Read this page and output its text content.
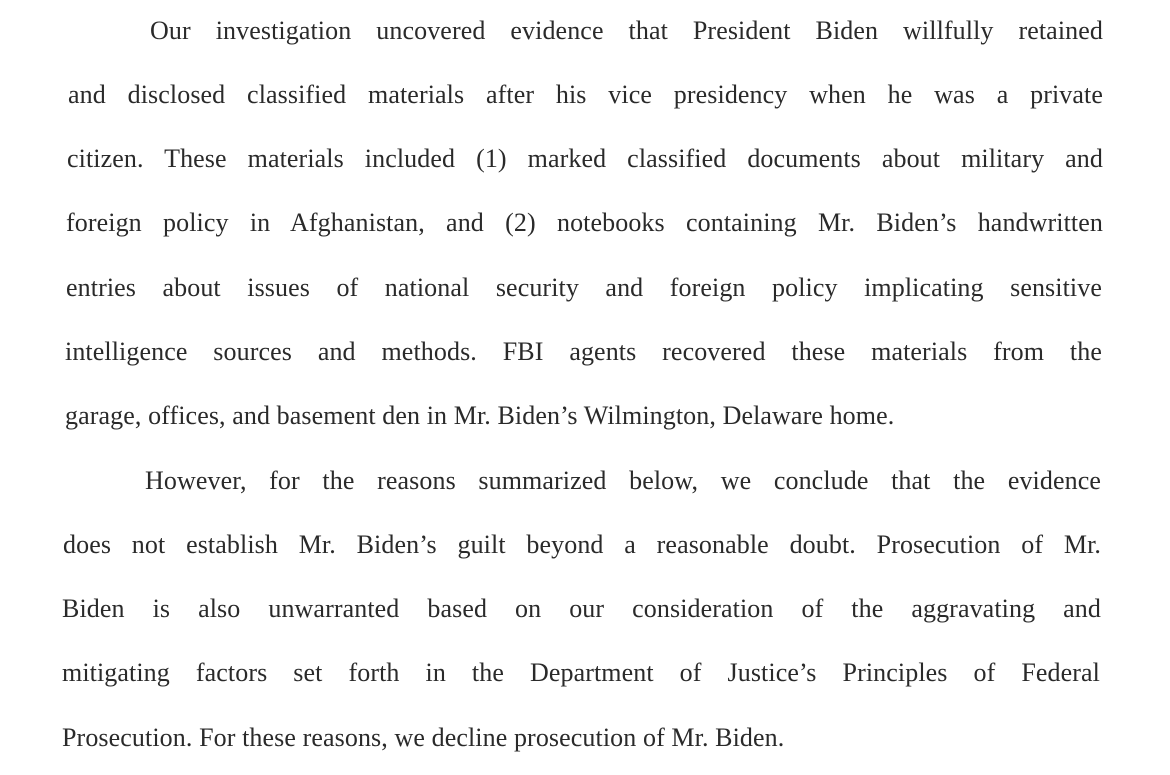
Our investigation uncovered evidence that President Biden willfully retained
and disclosed classified materials after his vice presidency when he was a private
citizen. These materials included (1) marked classified documents about military and
foreign policy in Afghanistan, and (2) notebooks containing Mr. Biden’s handwritten
entries about issues of national security and foreign policy implicating sensitive
intelligence sources and methods. FBI agents recovered these materials from the
garage, offices, and basement den in Mr. Biden’s Wilmington, Delaware home.
However, for the reasons summarized below, we conclude that the evidence
does not establish Mr. Biden’s guilt beyond a reasonable doubt. Prosecution of Mr.
Biden is also unwarranted based on our consideration of the aggravating and
mitigating factors set forth in the Department of Justice’s Principles of Federal
Prosecution. For these reasons, we decline prosecution of Mr. Biden.
